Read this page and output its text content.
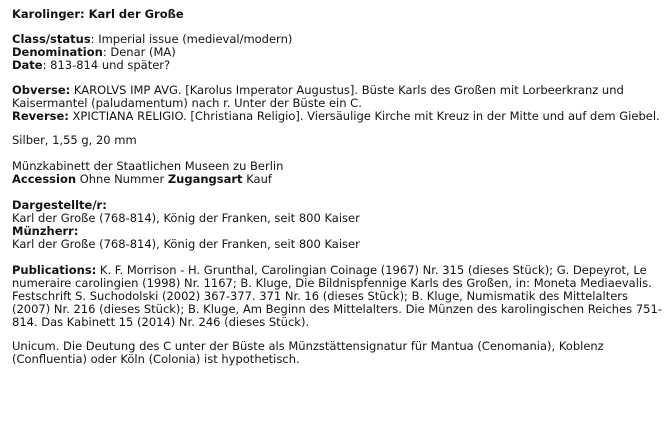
Karolinger: Karl der Große
Class/status: Imperial issue (medieval/modern)
Denomination: Denar (MA)
Date: 813-814 und später?
Obverse: KAROLVS IMP AVG. [Karolus Imperator Augustus]. Büste Karls des Großen mit Lorbeerkranz und Kaisermantel (paludamentum) nach r. Unter der Büste ein C.
Reverse: XPICTIANA RELIGIO. [Christiana Religio]. Viersäulige Kirche mit Kreuz in der Mitte und auf dem Giebel.
Silber, 1,55 g, 20 mm
Münzkabinett der Staatlichen Museen zu Berlin
Accession Ohne Nummer Zugangsart Kauf
Dargestellte/r:
Karl der Große (768-814), König der Franken, seit 800 Kaiser
Münzherr:
Karl der Große (768-814), König der Franken, seit 800 Kaiser
Publications: K. F. Morrison - H. Grunthal, Carolingian Coinage (1967) Nr. 315 (dieses Stück); G. Depeyrot, Le numeraire carolingien (1998) Nr. 1167; B. Kluge, Die Bildnispfennige Karls des Großen, in: Moneta Mediaevalis. Festschrift S. Suchodolski (2002) 367-377. 371 Nr. 16 (dieses Stück); B. Kluge, Numismatik des Mittelalters (2007) Nr. 216 (dieses Stück); B. Kluge, Am Beginn des Mittelalters. Die Münzen des karolingischen Reiches 751-814. Das Kabinett 15 (2014) Nr. 246 (dieses Stück).
Unicum. Die Deutung des C unter der Büste als Münzstättensignatur für Mantua (Cenomania), Koblenz (Confluentia) oder Köln (Colonia) ist hypothetisch.
